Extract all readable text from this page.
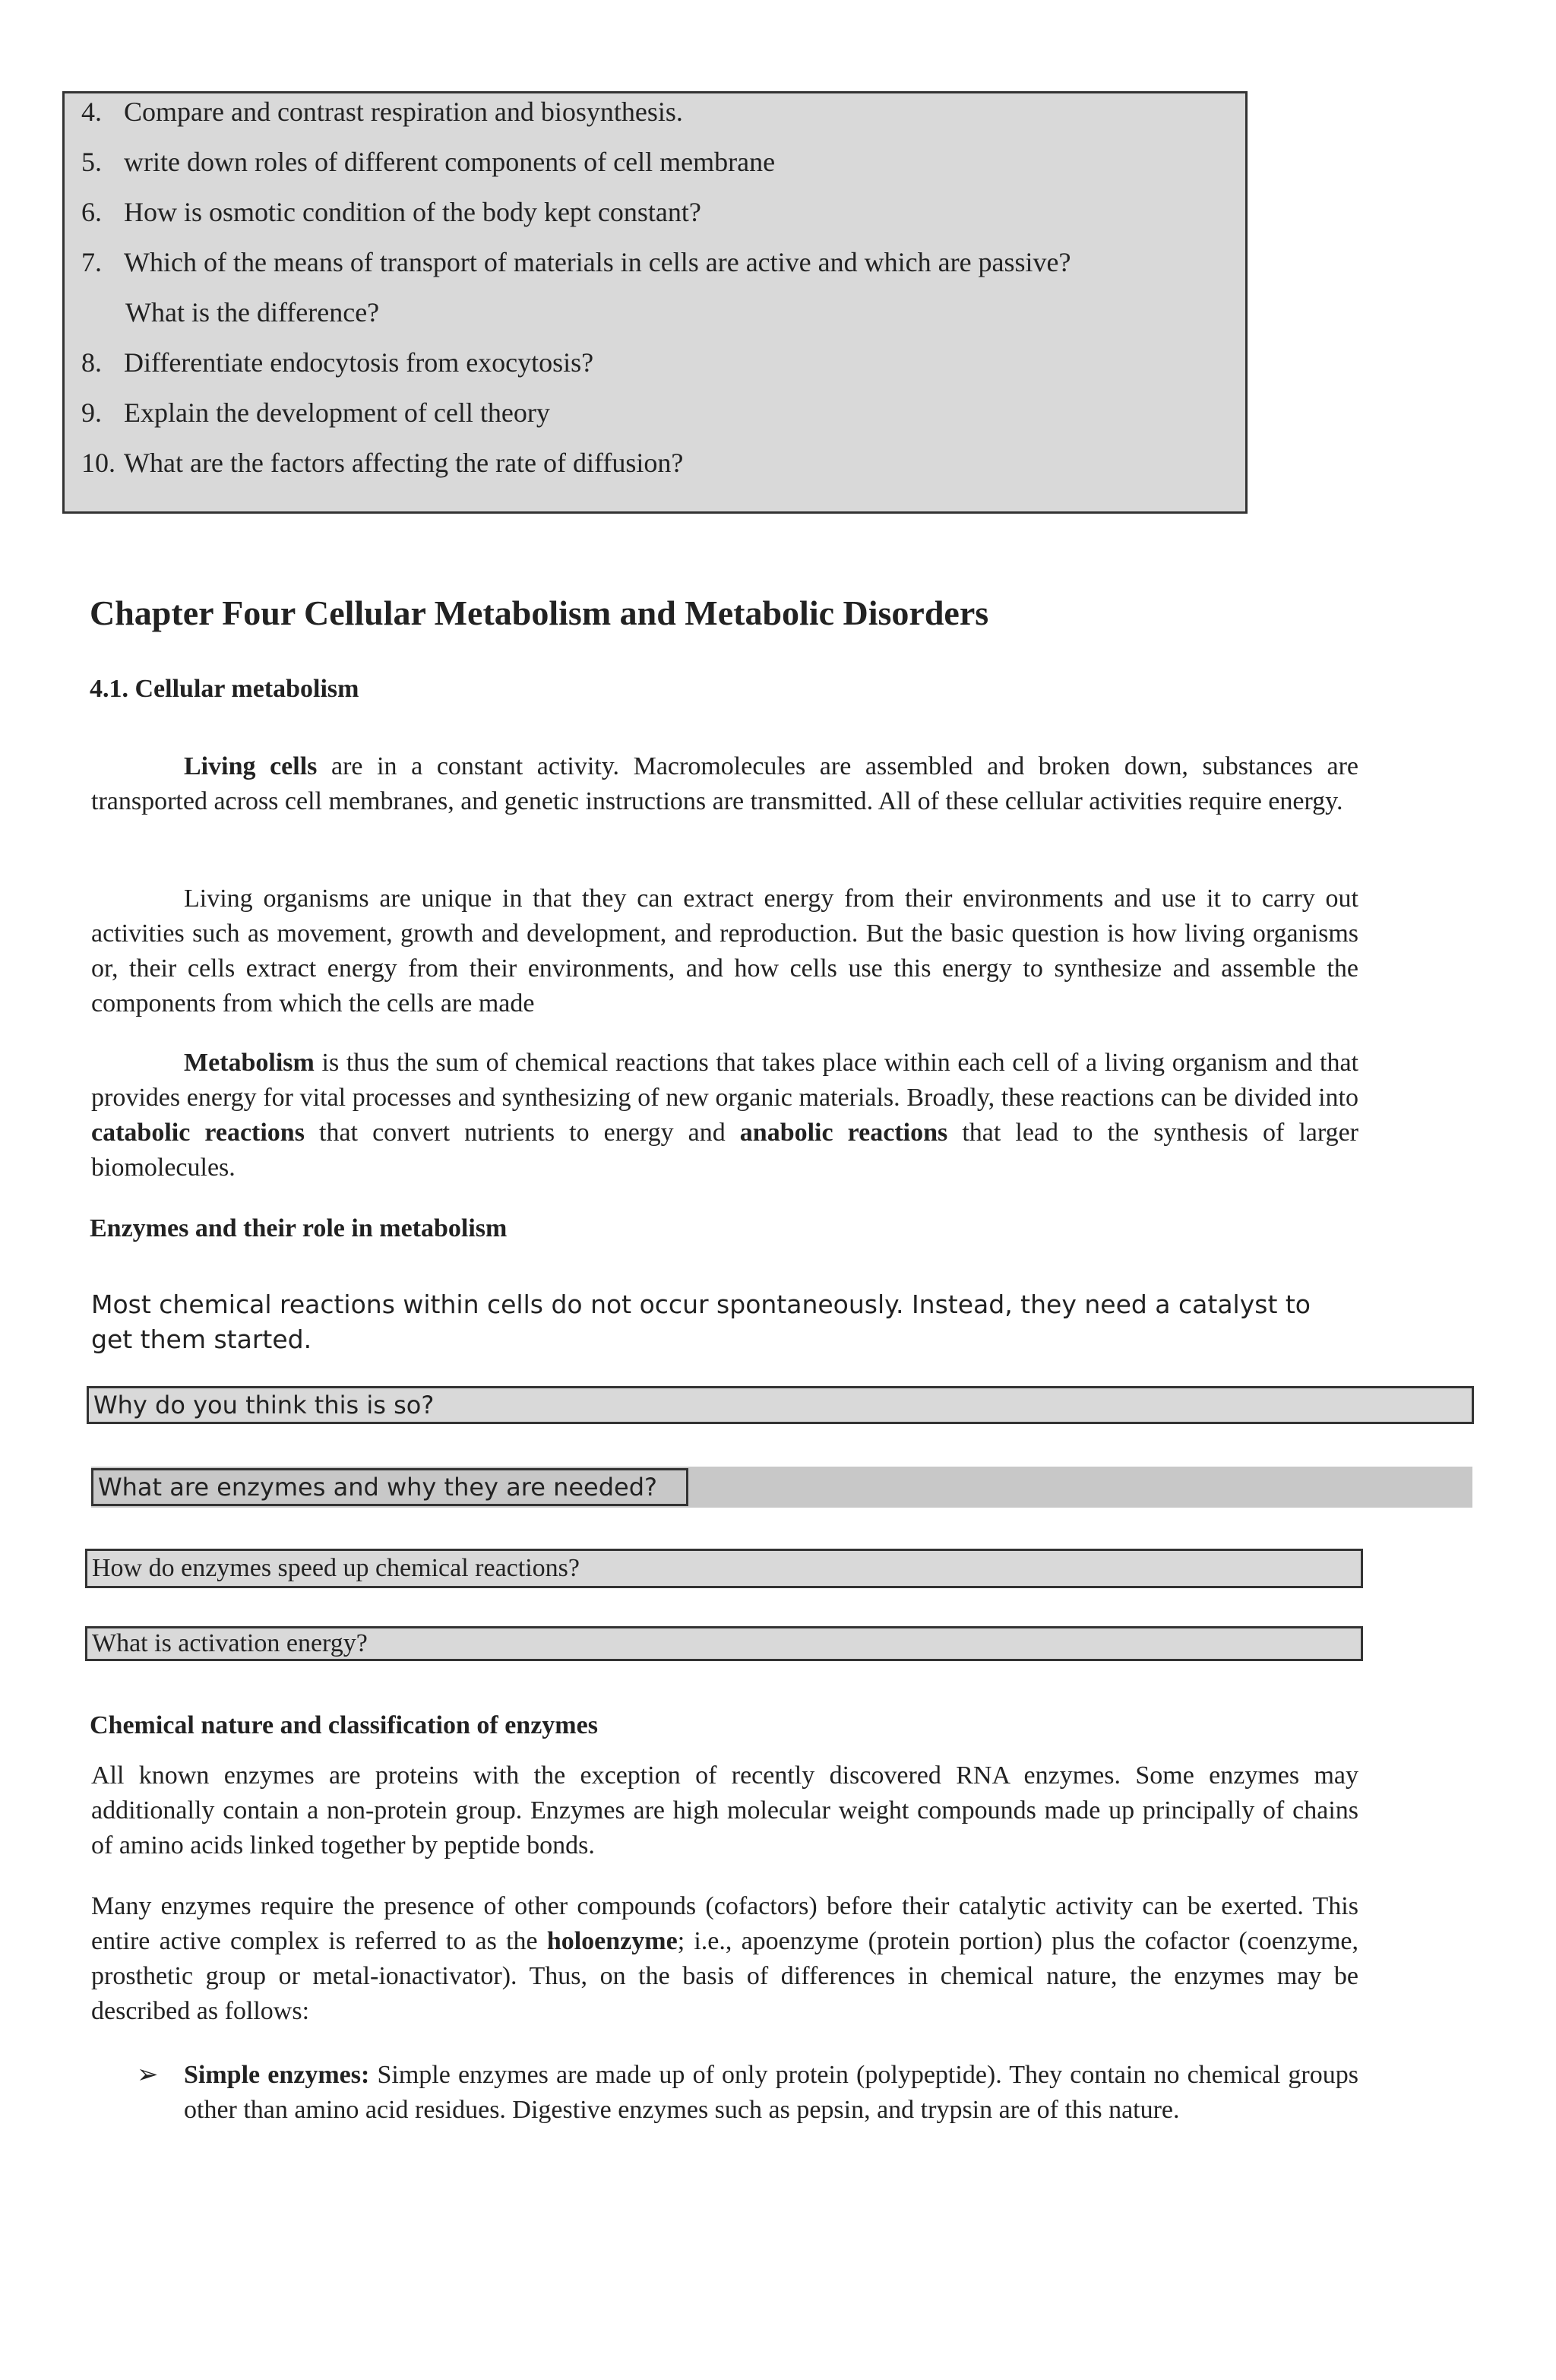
4. Compare and contrast respiration and biosynthesis.
5. write down roles of different components of cell membrane
6. How is osmotic condition of the body kept constant?
7. Which of the means of transport of materials in cells are active and which are passive?
What is the difference?
8. Differentiate endocytosis from exocytosis?
9. Explain the development of cell theory
10. What are the factors affecting the rate of diffusion?
Chapter Four Cellular Metabolism and Metabolic Disorders
4.1. Cellular metabolism

Living cells are in a constant activity. Macromolecules are assembled and broken down, substances are transported across cell membranes, and genetic instructions are transmitted. All of these cellular activities require energy.

Living organisms are unique in that they can extract energy from their environments and use it to carry out activities such as movement, growth and development, and reproduction. But the basic question is how living organisms or, their cells extract energy from their environments, and how cells use this energy to synthesize and assemble the components from which the cells are made

Metabolism is thus the sum of chemical reactions that takes place within each cell of a living organism and that provides energy for vital processes and synthesizing of new organic materials. Broadly, these reactions can be divided into catabolic reactions that convert nutrients to energy and anabolic reactions that lead to the synthesis of larger biomolecules.

Enzymes and their role in metabolism

Most chemical reactions within cells do not occur spontaneously. Instead, they need a catalyst to get them started.

Why do you think this is so?
What are enzymes and why they are needed?
How do enzymes speed up chemical reactions?
What is activation energy?
Chemical nature and classification of enzymes

All known enzymes are proteins with the exception of recently discovered RNA enzymes. Some enzymes may additionally contain a non-protein group. Enzymes are high molecular weight compounds made up principally of chains of amino acids linked together by peptide bonds.

Many enzymes require the presence of other compounds (cofactors) before their catalytic activity can be exerted. This entire active complex is referred to as the holoenzyme; i.e., apoenzyme (protein portion) plus the cofactor (coenzyme, prosthetic group or metal-ionactivator). Thus, on the basis of differences in chemical nature, the enzymes may be described as follows:

➢ Simple enzymes: Simple enzymes are made up of only protein (polypeptide). They contain no chemical groups other than amino acid residues. Digestive enzymes such as pepsin, and trypsin are of this nature.
